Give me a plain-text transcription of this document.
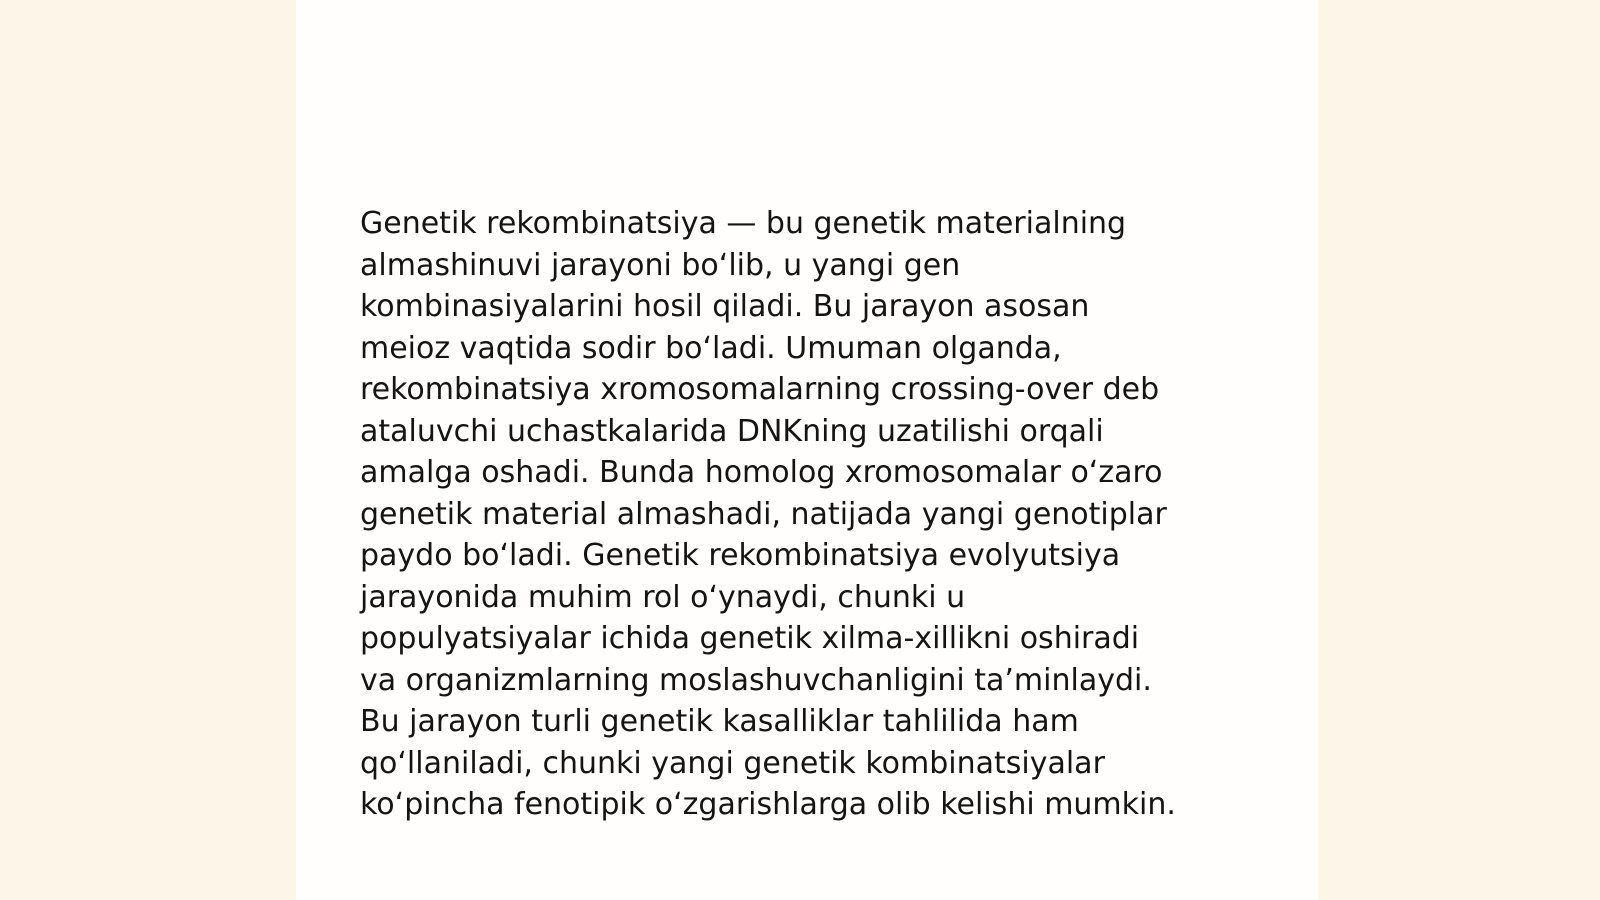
Genetik rekombinatsiya — bu genetik materialning
almashinuvi jarayoni bo‘lib, u yangi gen
kombinasiyalarini hosil qiladi. Bu jarayon asosan
meioz vaqtida sodir bo‘ladi. Umuman olganda,
rekombinatsiya xromosomalarning crossing-over deb
ataluvchi uchastkalarida DNKning uzatilishi orqali
amalga oshadi. Bunda homolog xromosomalar o‘zaro
genetik material almashadi, natijada yangi genotiplar
paydo bo‘ladi. Genetik rekombinatsiya evolyutsiya
jarayonida muhim rol o‘ynaydi, chunki u
populyatsiyalar ichida genetik xilma-xillikni oshiradi
va organizmlarning moslashuvchanligini ta’minlaydi.
Bu jarayon turli genetik kasalliklar tahlilida ham
qo‘llaniladi, chunki yangi genetik kombinatsiyalar
ko‘pincha fenotipik o‘zgarishlarga olib kelishi mumkin.
